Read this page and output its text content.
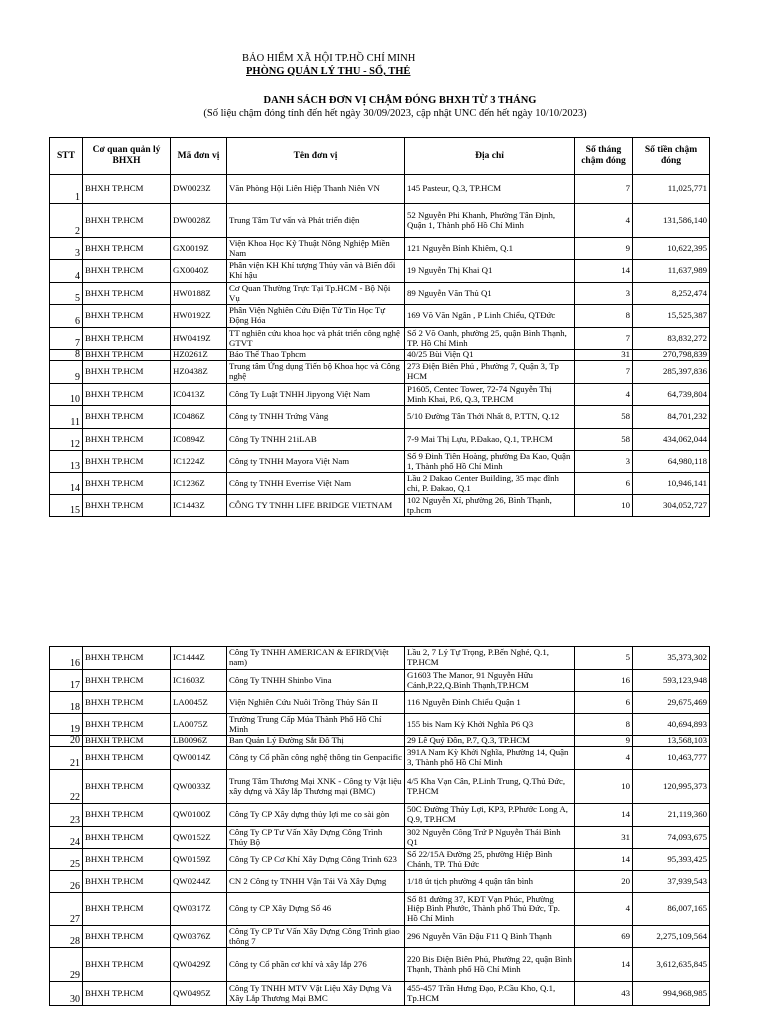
BẢO HIỂM XÃ HỘI TP.HỒ CHÍ MINH
PHÒNG QUẢN LÝ THU - SỔ, THẺ
DANH SÁCH ĐƠN VỊ CHẬM ĐÓNG BHXH TỪ 3 THÁNG
(Số liệu chậm đóng tính đến hết ngày 30/09/2023, cập nhật UNC đến hết ngày 10/10/2023)
STT	Cơ quan quản lý BHXH	Mã đơn vị	Tên đơn vị	Địa chỉ	Số tháng chậm đóng	Số tiền chậm đóng
1	BHXH TP.HCM	DW0023Z	Văn Phòng Hội Liên Hiệp Thanh Niên VN	145 Pasteur, Q.3, TP.HCM	7	11,025,771
2	BHXH TP.HCM	DW0028Z	Trung Tâm Tư vấn và Phát triển điện	52 Nguyễn Phi Khanh, Phường Tân Định, Quận 1, Thành phố Hồ Chí Minh	4	131,586,140
3	BHXH TP.HCM	GX0019Z	Viện Khoa Học Kỹ Thuật Nông Nghiệp Miền Nam	121 Nguyễn Bỉnh Khiêm, Q.1	9	10,622,395
4	BHXH TP.HCM	GX0040Z	Phân viện KH Khí tượng Thủy văn và Biến đổi Khí hậu	19 Nguyễn Thị Khai Q1	14	11,637,989
5	BHXH TP.HCM	HW0188Z	Cơ Quan Thường Trực Tại Tp.HCM - Bộ Nội Vụ	89 Nguyễn Văn Thủ Q1	3	8,252,474
6	BHXH TP.HCM	HW0192Z	Phân Viện Nghiên Cứu Điện Tử Tin Học Tự Động Hóa	169 Võ Văn Ngân , P Linh Chiểu, QTĐức	8	15,525,387
7	BHXH TP.HCM	HW0419Z	TT nghiên cứu khoa học và phát triển công nghệ GTVT	Số 2 Võ Oanh, phường 25, quận Bình Thạnh, TP. Hồ Chí Minh	7	83,832,272
8	BHXH TP.HCM	HZ0261Z	Báo Thể Thao Tphcm	40/25 Bùi Viện Q1	31	270,798,839
9	BHXH TP.HCM	HZ0438Z	Trung tâm Ứng dụng Tiến bộ Khoa học và Công nghệ	273 Điện Biên Phủ , Phường 7, Quận 3, Tp HCM	7	285,397,836
10	BHXH TP.HCM	IC0413Z	Công Ty Luật TNHH Jipyong Việt Nam	P1605, Centec Tower, 72-74 Nguyễn Thị Minh Khai, P.6, Q.3, TP.HCM	4	64,739,804
11	BHXH TP.HCM	IC0486Z	Công ty TNHH Trứng Vàng	5/10 Đường Tân Thới Nhất 8, P.TTN, Q.12	58	84,701,232
12	BHXH TP.HCM	IC0894Z	Công Ty TNHH 21iLAB	7-9 Mai Thị Lựu, P.Đakao, Q.1, TP.HCM	58	434,062,044
13	BHXH TP.HCM	IC1224Z	Công ty TNHH Mayora Việt Nam	Số 9 Đinh Tiên Hoàng, phường Đa Kao, Quận 1, Thành phố Hồ Chí Minh	3	64,980,118
14	BHXH TP.HCM	IC1236Z	Công ty TNHH Everrise Việt Nam	Lầu 2 Dakao Center Building, 35 mạc đĩnh chi, P. Đakao, Q.1	6	10,946,141
15	BHXH TP.HCM	IC1443Z	CÔNG TY TNHH LIFE BRIDGE VIETNAM	102 Nguyễn Xí, phường 26, Bình Thạnh, tp.hcm	10	304,052,727
16	BHXH TP.HCM	IC1444Z	Công Ty TNHH AMERICAN & EFIRD(Việt nam)	Lầu 2, 7 Lý Tự Trọng, P.Bến Nghé, Q.1, TP.HCM	5	35,373,302
17	BHXH TP.HCM	IC1603Z	Công Ty TNHH Shinbo Vina	G1603 The Manor, 91 Nguyễn Hữu Cảnh,P.22,Q.Bình Thạnh,TP.HCM	16	593,123,948
18	BHXH TP.HCM	LA0045Z	Viện Nghiên Cứu Nuôi Trồng Thủy Sản II	116 Nguyễn Đình Chiểu Quận 1	6	29,675,469
19	BHXH TP.HCM	LA0075Z	Trường Trung Cấp Múa Thành Phố Hồ Chí Minh	155 bis Nam Kỳ Khởi Nghĩa P6 Q3	8	40,694,893
20	BHXH TP.HCM	LB0096Z	Ban Quản Lý Đường Sắt Đô Thị	29 Lê Quý Đôn, P.7, Q.3, TP.HCM	9	13,568,103
21	BHXH TP.HCM	QW0014Z	Công ty Cổ phần công nghệ thông tin Genpacific	391A Nam Kỳ Khởi Nghĩa, Phường 14, Quận 3, Thành phố Hồ Chí Minh	4	10,463,777
22	BHXH TP.HCM	QW0033Z	Trung Tâm Thương Mại XNK - Công ty Vật liệu xây dựng và Xây lắp Thương mại (BMC)	4/5 Kha Vạn Cân, P.Linh Trung, Q.Thủ Đức, TP.HCM	10	120,995,373
23	BHXH TP.HCM	QW0100Z	Công Ty CP Xây dựng thủy lợi me co sài gòn	50C Đường Thủy Lợi, KP3, P.Phước Long A, Q.9, TP.HCM	14	21,119,360
24	BHXH TP.HCM	QW0152Z	Công Ty CP Tư Vấn Xây Dựng Công Trình Thủy Bộ	302 Nguyễn Công Trứ P Nguyễn Thái Bình Q1	31	74,093,675
25	BHXH TP.HCM	QW0159Z	Công Ty CP Cơ Khí Xây Dựng Công Trình 623	Số 22/15A Đường 25, phường Hiệp Bình Chánh, TP. Thủ Đức	14	95,393,425
26	BHXH TP.HCM	QW0244Z	CN 2 Công ty TNHH Vận Tải Và Xây Dựng	1/18 út tịch phường 4 quận tân bình	20	37,939,543
27	BHXH TP.HCM	QW0317Z	Công ty CP Xây Dựng Số 46	Số 81 đường 37, KĐT Vạn Phúc, Phường Hiệp Bình Phước, Thành phố Thủ Đức, Tp. Hồ Chí Minh	4	86,007,165
28	BHXH TP.HCM	QW0376Z	Công Ty CP Tư Vấn Xây Dựng Công Trình giao thông 7	296 Nguyễn Văn Đậu F11 Q Bình Thạnh	69	2,275,109,564
29	BHXH TP.HCM	QW0429Z	Công ty Cổ phần cơ khí và xây lắp 276	220 Bis Điện Biên Phủ, Phường 22, quận Bình Thạnh, Thành phố Hồ Chí Minh	14	3,612,635,845
30	BHXH TP.HCM	QW0495Z	Công Ty TNHH MTV Vật Liệu Xây Dựng Và Xây Lắp Thương Mại BMC	455-457 Trần Hưng Đạo, P.Cầu Kho, Q.1, Tp.HCM	43	994,968,985
